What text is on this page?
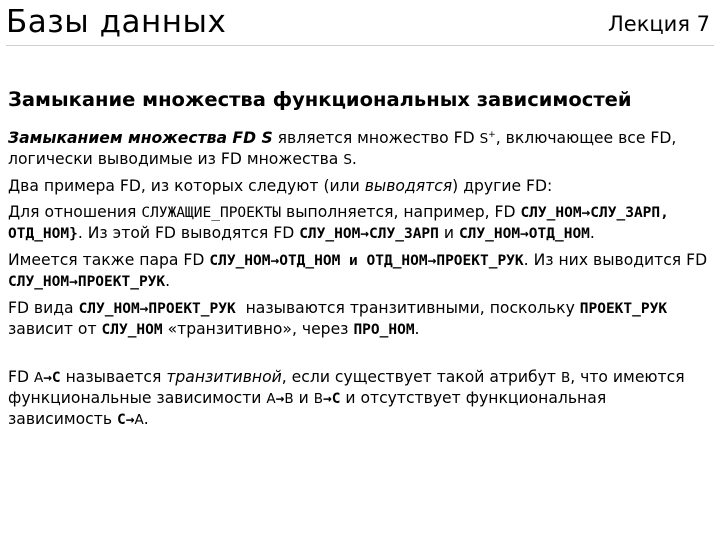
Базы данных	Лекция 7
Замыкание множества функциональных зависимостей

Замыканием множества FD S является множество FD S+, включающее все FD, логически выводимые из FD множества S.

Два примера FD, из которых следуют (или выводятся) другие FD:

Для отношения СЛУЖАЩИЕ_ПРОЕКТЫ выполняется, например, FD СЛУ_НОМ→СЛУ_ЗАРП, ОТД_НОМ}. Из этой FD выводятся FD СЛУ_НОМ→СЛУ_ЗАРП и СЛУ_НОМ→ОТД_НОМ.

Имеется также пара FD СЛУ_НОМ→ОТД_НОМ и ОТД_НОМ→ПРОЕКТ_РУК. Из них выводится FD СЛУ_НОМ→ПРОЕКТ_РУК.

FD вида СЛУ_НОМ→ПРОЕКТ_РУК  называются транзитивными, поскольку ПРОЕКТ_РУК зависит от СЛУ_НОМ «транзитивно», через ПРО_НОМ.

FD A→C называется транзитивной, если существует такой атрибут B, что имеются функциональные зависимости A→B и B→C и отсутствует функциональная зависимость C→A.
